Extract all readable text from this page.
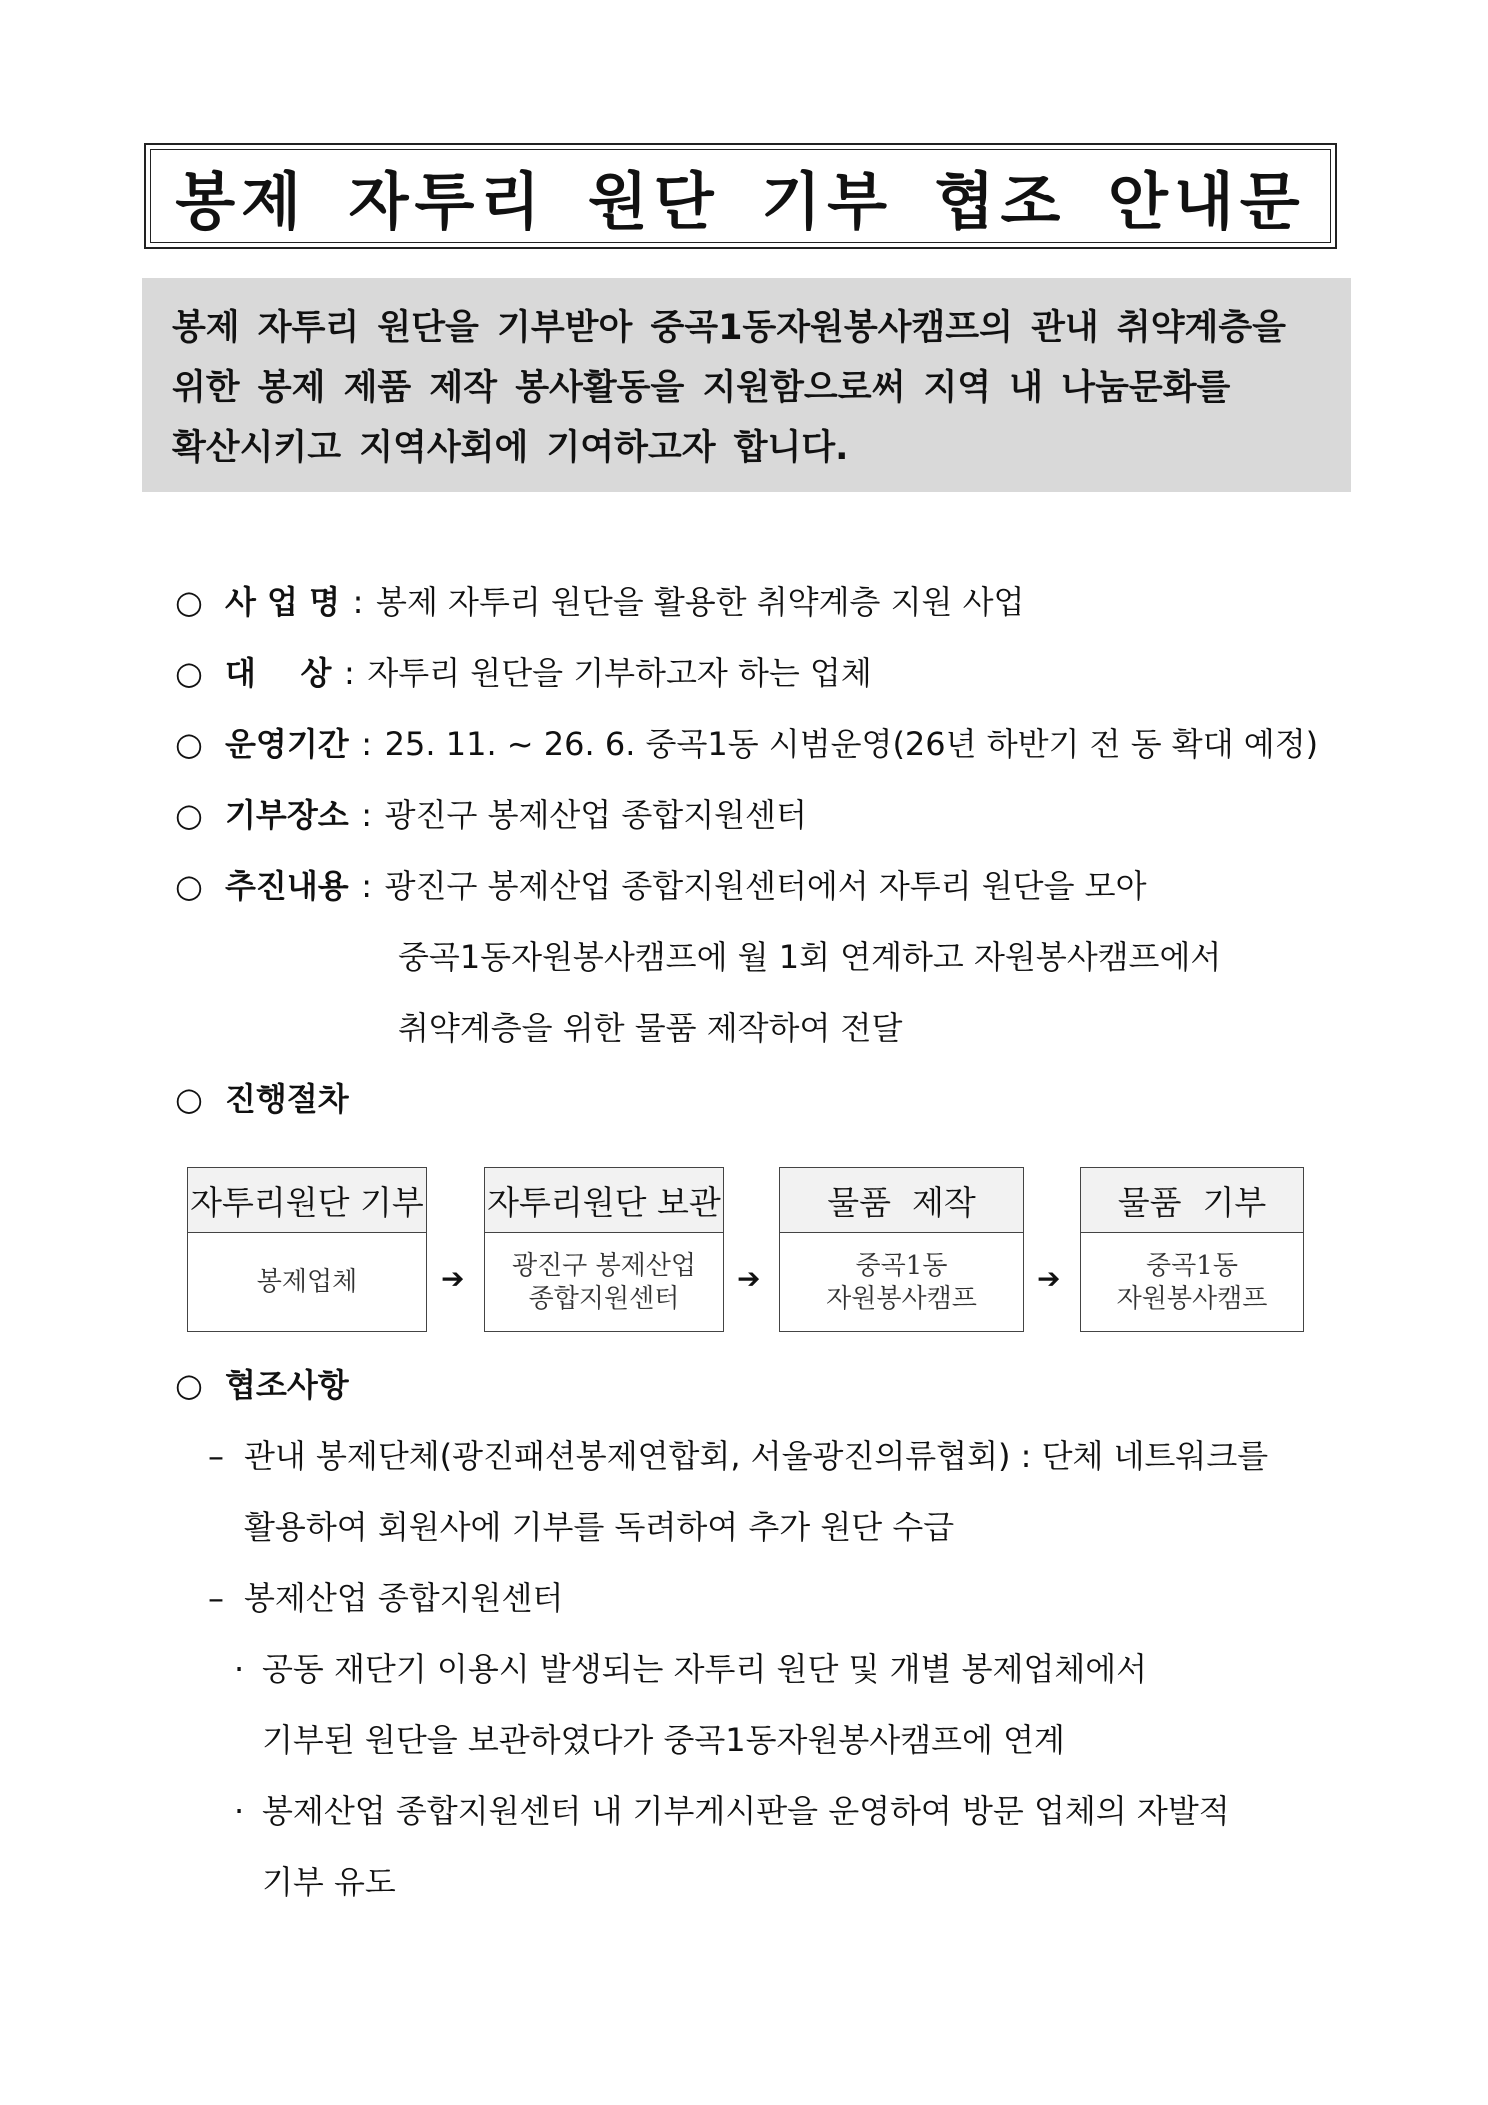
봉제 자투리 원단 기부 협조 안내문
봉제 자투리 원단을 기부받아 중곡1동자원봉사캠프의 관내 취약계층을
위한 봉제 제품 제작 봉사활동을 지원함으로써 지역 내 나눔문화를
확산시키고 지역사회에 기여하고자 합니다.
○ 사 업 명 : 봉제 자투리 원단을 활용한 취약계층 지원 사업
○ 대    상 : 자투리 원단을 기부하고자 하는 업체
○ 운영기간 : 25. 11. ~ 26. 6. 중곡1동 시범운영(26년 하반기 전 동 확대 예정)
○ 기부장소 : 광진구 봉제산업 종합지원센터
○ 추진내용 : 광진구 봉제산업 종합지원센터에서 자투리 원단을 모아
중곡1동자원봉사캠프에 월 1회 연계하고 자원봉사캠프에서
취약계층을 위한 물품 제작하여 전달
○ 진행절차
자투리원단 기부
봉제업체	➔
자투리원단 보관
광진구 봉제산업
종합지원센터
➔
물품  제작
중곡1동
자원봉사캠프
➔
물품  기부
중곡1동
자원봉사캠프
○ 협조사항
– 관내 봉제단체(광진패션봉제연합회, 서울광진의류협회) : 단체 네트워크를
활용하여 회원사에 기부를 독려하여 추가 원단 수급
– 봉제산업 종합지원센터
· 공동 재단기 이용시 발생되는 자투리 원단 및 개별 봉제업체에서
기부된 원단을 보관하였다가 중곡1동자원봉사캠프에 연계
· 봉제산업 종합지원센터 내 기부게시판을 운영하여 방문 업체의 자발적
기부 유도
